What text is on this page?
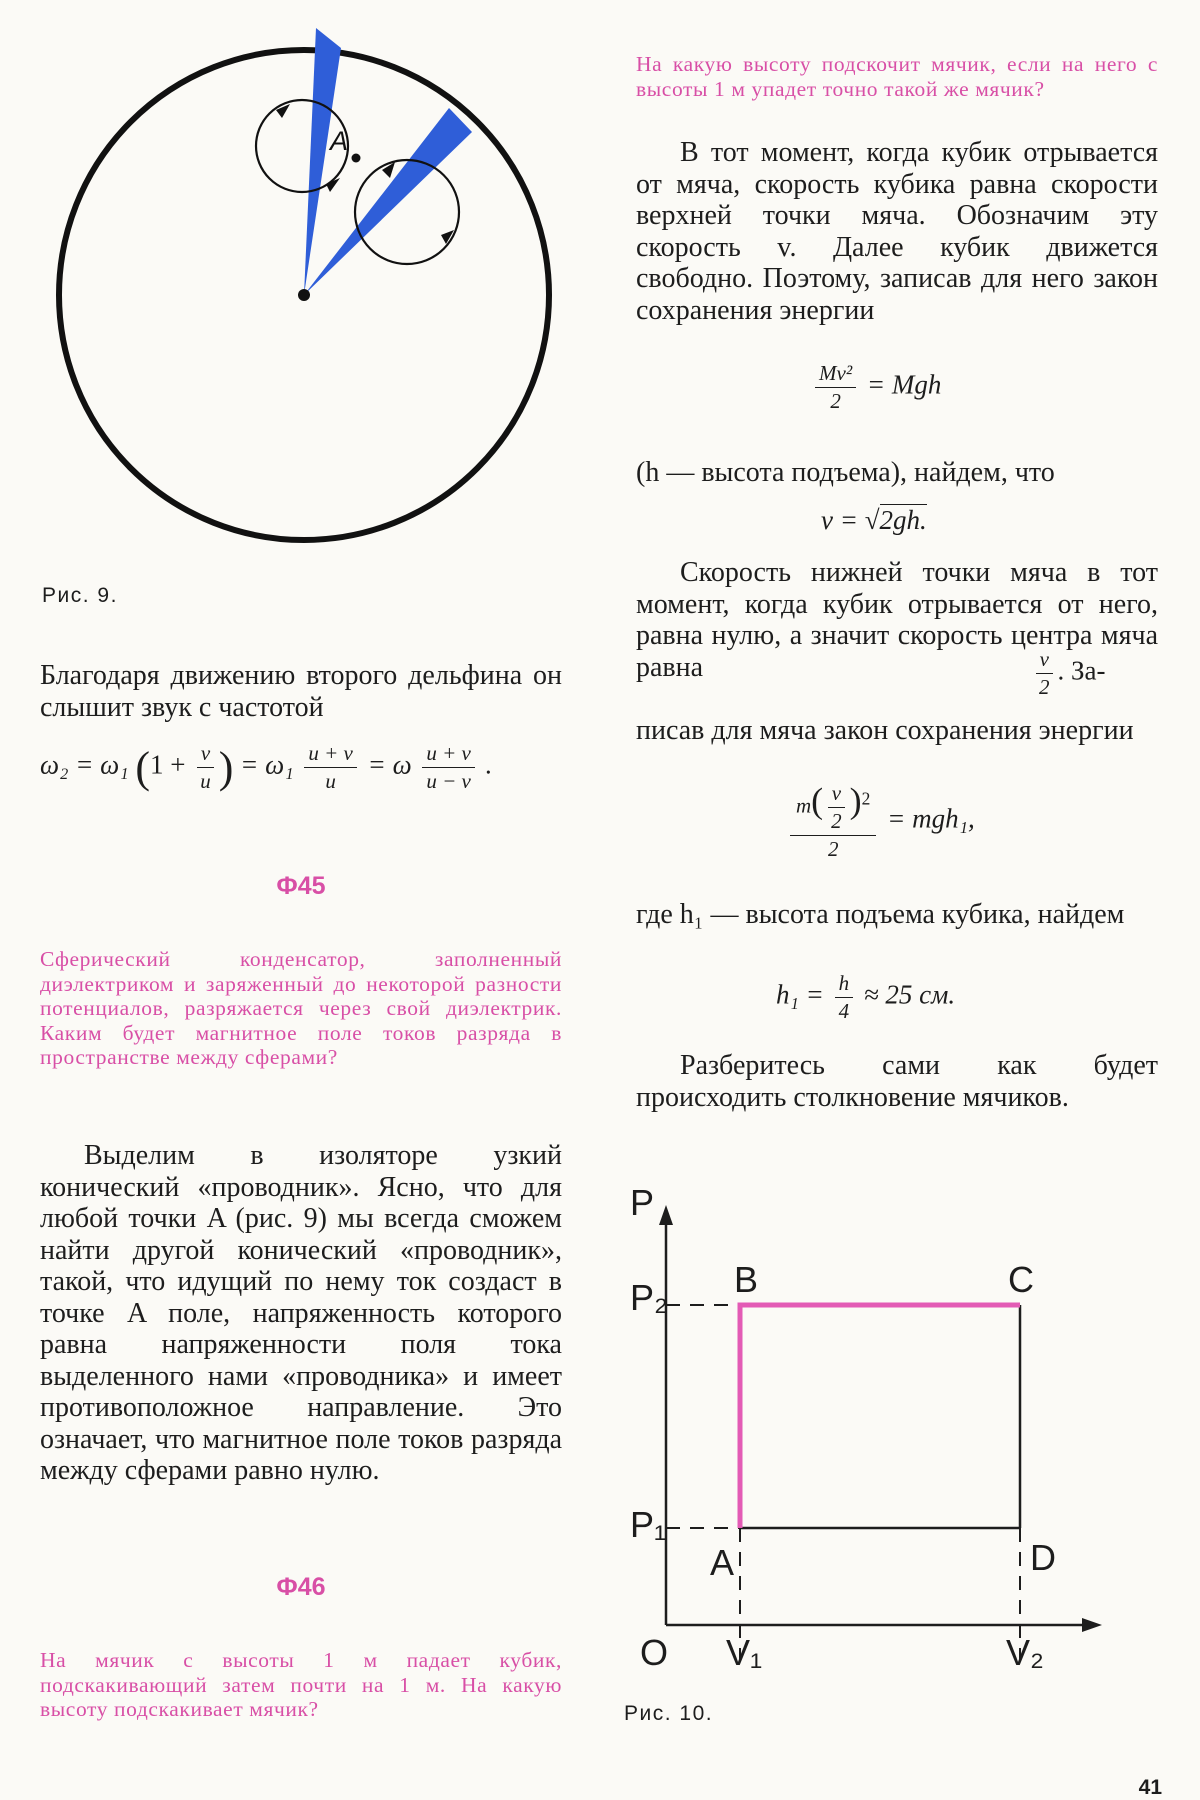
A

Рис. 9.

Благодаря движению второго дельфина он слышит звук с частотой

ω₂ = ω₁ ($1 + \frac{v}{u}$ ) = $\omega_1 \frac{u + v}{u} = \omega \frac{u + v}{u - v}$ .

Ф45

Сферический конденсатор, заполненный диэлектриком и заряженный до некоторой разности потенциалов, разряжается через свой диэлектрик. Каким будет магнитное поле токов разряда в пространстве между сферами?

Выделим в изоляторе узкий конический «проводник». Ясно, что для любой точки A (рис. 9) мы всегда сможем найти другой конический «проводник», такой, что идущий по нему ток создаст в точке A поле, напряженность которого равна напряженности поля тока выделенного нами «проводника» и имеет противоположное направление. Это означает, что магнитное поле токов разряда между сферами равно нулю.

Ф46

На мячик с высоты 1 м падает кубик, подскакивающий затем почти на 1 м. На какую высоту подскакивает мячик?

На какую высоту подскочит мячик, если на него с высоты 1 м упадет точно такой же мячик?

В тот момент, когда кубик отрывается от мяча, скорость кубика равна скорости верхней точки мяча. Обозначим эту скорость v. Далее кубик движется свободно. Поэтому, записав для него закон сохранения энергии

$\frac{\text{Mv²}}{2}$ = Mgh

(h — высота подъема), найдем, что

v = √2gh.

Скорость нижней точки мяча в тот момент, когда кубик отрывается от него, равна нулю, а значит скорость центра мяча равна	$\frac{v}{2}$ . За-

писав для мяча закон сохранения энергии

$\frac{m( \frac{v}{2} )^2}{2} = mgh_1$,

где h₁ — высота подъема кубика, найдем

$h_1 = \frac{h}{4} \approx 25$ см.

Разберитесь сами как будет происходить столкновение мячиков.

P
P₂
P₁
O V₁	V₂
A
B	C
D

Рис. 10.

41
